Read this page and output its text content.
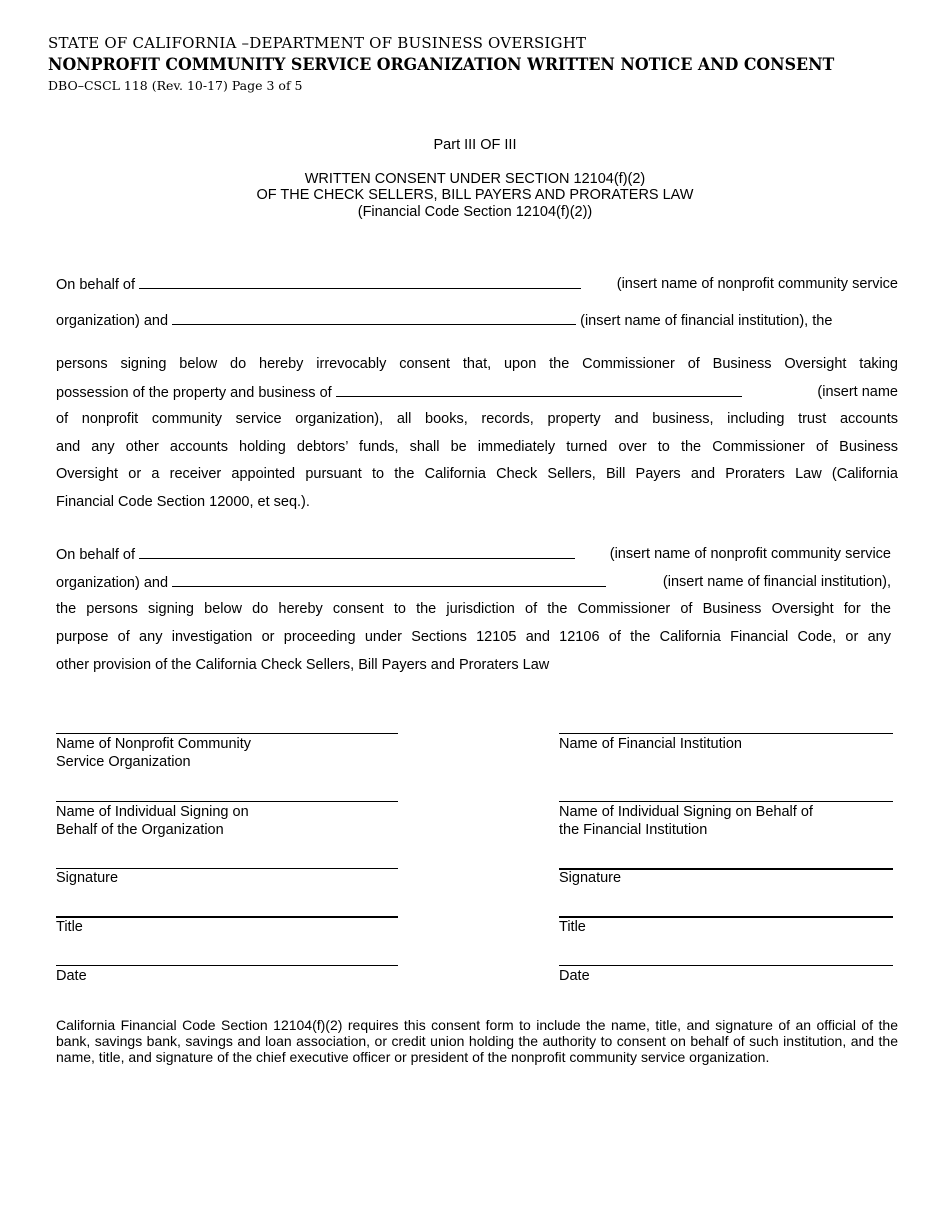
STATE OF CALIFORNIA –DEPARTMENT OF BUSINESS OVERSIGHT
NONPROFIT COMMUNITY SERVICE ORGANIZATION WRITTEN NOTICE AND CONSENT
DBO–CSCL 118 (Rev. 10-17) Page 3 of 5
Part III OF III
WRITTEN CONSENT UNDER SECTION 12104(f)(2)
OF THE CHECK SELLERS, BILL PAYERS AND PRORATERS LAW
(Financial Code Section 12104(f)(2))
On behalf of	(insert name of nonprofit community service
organization) and	(insert name of financial institution), the
persons signing below do hereby irrevocably consent that, upon the Commissioner of Business Oversight taking
possession of the property and business of	(insert name
of nonprofit community service organization), all books, records, property and business, including trust accounts
and any other accounts holding debtors’ funds, shall be immediately turned over to the Commissioner of Business
Oversight or a receiver appointed pursuant to the California Check Sellers, Bill Payers and Proraters Law (California
Financial Code Section 12000, et seq.).
On behalf of	(insert name of nonprofit community service
organization) and	(insert name of financial institution),
the persons signing below do hereby consent to the jurisdiction of the Commissioner of Business Oversight for the
purpose of any investigation or proceeding under Sections 12105 and 12106 of the California Financial Code, or any
other provision of the California Check Sellers, Bill Payers and Proraters Law
Name of Nonprofit Community
Service Organization
Name of Individual Signing on
Behalf of the Organization
Signature
Title
Date
Name of Financial Institution
Name of Individual Signing on Behalf of
the Financial Institution
Signature
Title
Date
California Financial Code Section 12104(f)(2) requires this consent form to include the name, title, and signature of an official of the bank, savings bank, savings and loan association, or credit union holding the authority to consent on behalf of such institution, and the name, title, and signature of the chief executive officer or president of the nonprofit community service organization.
